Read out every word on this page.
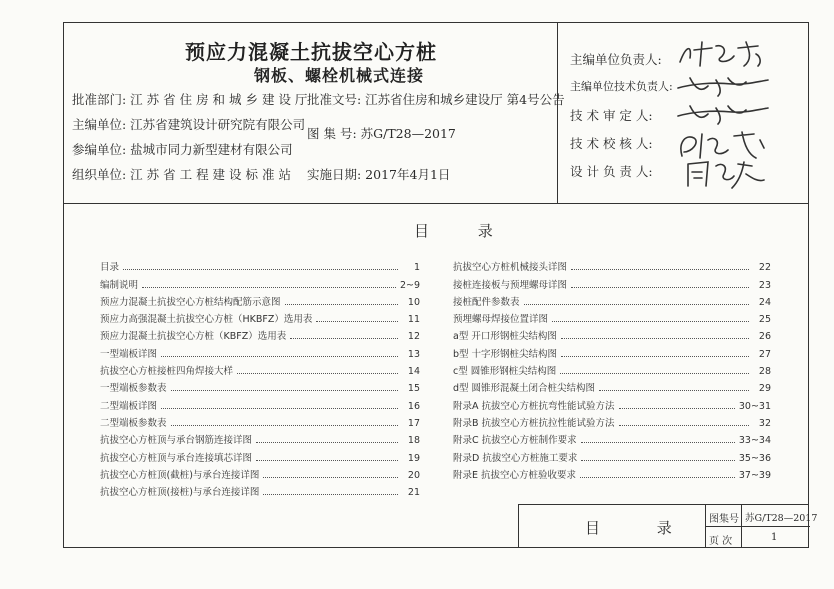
预应力混凝土抗拔空心方桩
钢板、螺栓机械式连接
批准部门: 江 苏 省 住 房 和 城 乡 建 设 厅 批准文号: 江苏省住房和城乡建设厅 第4号公告
主编单位: 江苏省建筑设计研究院有限公司
图 集 号: 苏G/T28—2017
参编单位: 盐城市同力新型建材有限公司
组织单位: 江 苏 省 工 程 建 设 标 准 站 实施日期: 2017年4月1日
主编单位负责人:
主编单位技术负责人:
技 术 审 定 人:
技 术 校 核 人:
设 计 负 责 人:
目 录
目录	1
编制说明	2~9
预应力混凝土抗拔空心方桩结构配筋示意图	10
预应力高强混凝土抗拔空心方桩（HKBFZ）选用表	11
预应力混凝土抗拔空心方桩（KBFZ）选用表	12
一型端板详图	13
抗拔空心方桩接桩四角焊接大样	14
一型端板参数表	15
二型端板详图	16
二型端板参数表	17
抗拔空心方桩顶与承台钢筋连接详图	18
抗拔空心方桩顶与承台连接填芯详图	19
抗拔空心方桩顶(截桩)与承台连接详图	20
抗拔空心方桩顶(接桩)与承台连接详图	21
抗拔空心方桩机械接头详图	22
接桩连接板与预埋螺母详图	23
接桩配件参数表	24
预埋螺母焊接位置详图	25
a型 开口形钢桩尖结构图	26
b型 十字形钢桩尖结构图	27
c型 圆锥形钢桩尖结构图	28
d型 圆锥形混凝土闭合桩尖结构图	29
附录A 抗拔空心方桩抗弯性能试验方法	30~31
附录B 抗拔空心方桩抗拉性能试验方法	32
附录C 抗拔空心方桩制作要求	33~34
附录D 抗拔空心方桩施工要求	35~36
附录E 抗拔空心方桩验收要求	37~39
目 录 图集号 苏G/T28—2017
页 次	1
